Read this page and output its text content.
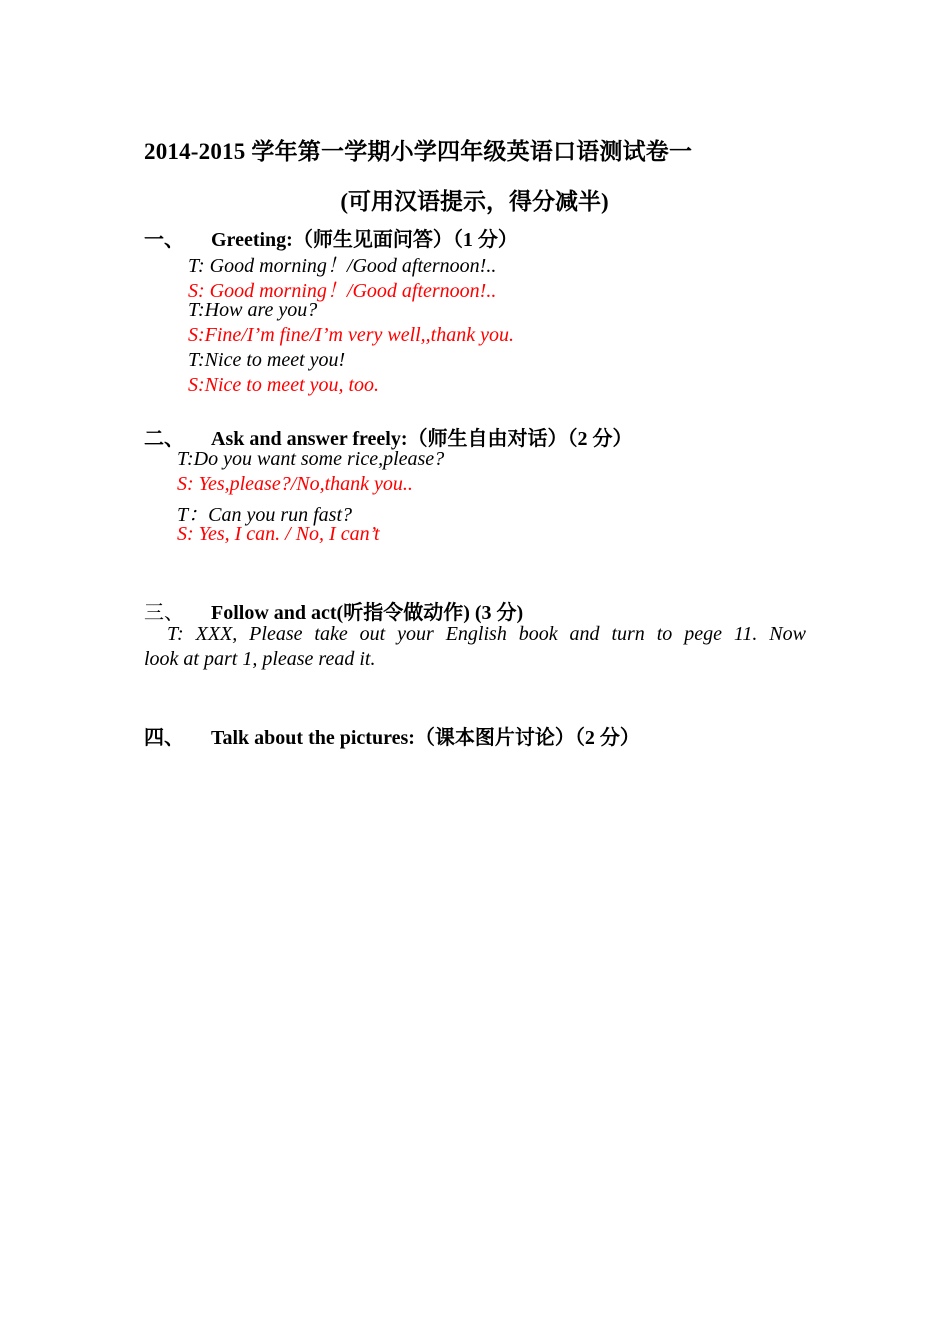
2014-2015 学年第一学期小学四年级英语口语测试卷一
(可用汉语提示，得分减半)
一、 Greeting:（师生见面问答）（1 分）
T: Good morning！/Good afternoon!..
S: Good morning！/Good afternoon!..
T:How are you?
S:Fine/I’m fine/I’m very well,,thank you.
T:Nice to meet you!
S:Nice to meet you, too.
二、 Ask and answer freely:（师生自由对话）（2 分）
T:Do you want some rice,please?
S: Yes,please?/No,thank you..
T：Can you run fast?
S: Yes, I can. / No, I can’t
三、 Follow and act(听指令做动作) (3 分)
T: XXX, Please take out your English book and turn to pege 11. Now
look at part 1, please read it.
四、 Talk about the pictures:（课本图片讨论）（2 分）
